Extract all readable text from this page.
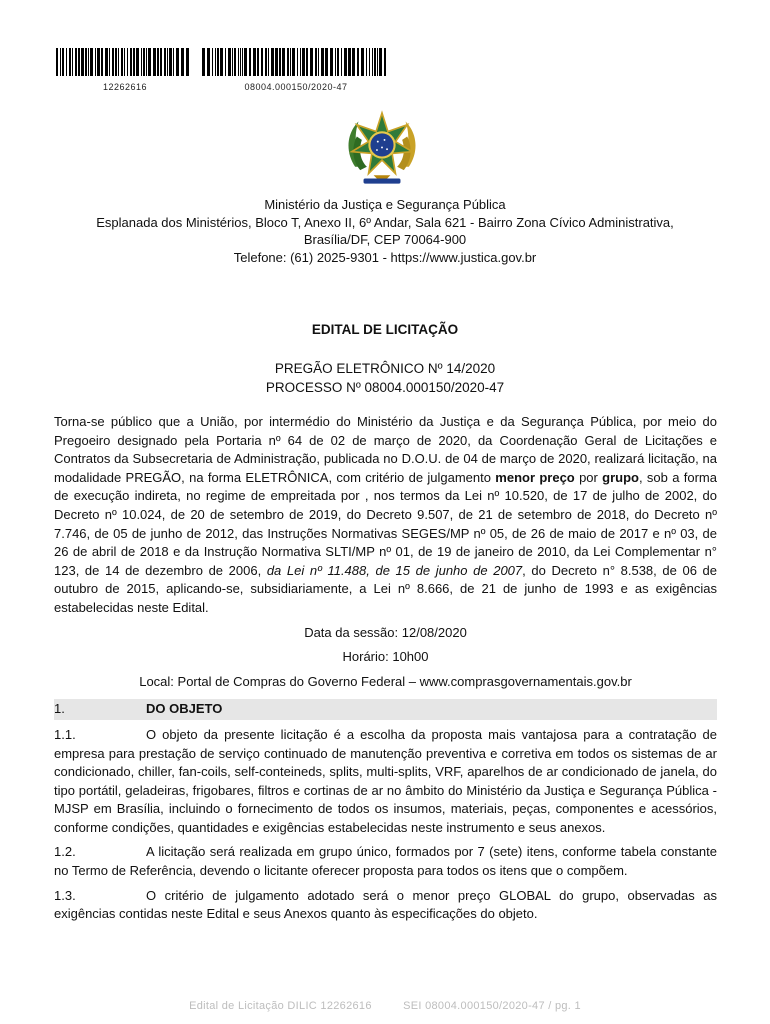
12262616	08004.000150/2020-47
Ministério da Justiça e Segurança Pública
Esplanada dos Ministérios, Bloco T, Anexo II, 6º Andar, Sala 621 - Bairro Zona Cívico Administrativa,
Brasília/DF, CEP 70064-900
Telefone: (61) 2025-9301 - https://www.justica.gov.br
EDITAL DE LICITAÇÃO
PREGÃO ELETRÔNICO Nº 14/2020
PROCESSO Nº 08004.000150/2020-47

Torna-se público que a União, por intermédio do Ministério da Justiça e da Segurança Pública, por meio do Pregoeiro designado pela Portaria nº 64 de 02 de março de 2020, da Coordenação Geral de Licitações e Contratos da Subsecretaria de Administração, publicada no D.O.U. de 04 de março de 2020, realizará licitação, na modalidade PREGÃO, na forma ELETRÔNICA, com critério de julgamento menor preço por grupo, sob a forma de execução indireta, no regime de empreitada por , nos termos da Lei nº 10.520, de 17 de julho de 2002, do Decreto nº 10.024, de 20 de setembro de 2019, do Decreto 9.507, de 21 de setembro de 2018, do Decreto nº 7.746, de 05 de junho de 2012, das Instruções Normativas SEGES/MP nº 05, de 26 de maio de 2017 e nº 03, de 26 de abril de 2018 e da Instrução Normativa SLTI/MP nº 01, de 19 de janeiro de 2010, da Lei Complementar n° 123, de 14 de dezembro de 2006, da Lei nº 11.488, de 15 de junho de 2007, do Decreto n° 8.538, de 06 de outubro de 2015, aplicando-se, subsidiariamente, a Lei nº 8.666, de 21 de junho de 1993 e as exigências estabelecidas neste Edital.

Data da sessão: 12/08/2020

Horário: 10h00

Local: Portal de Compras do Governo Federal – www.comprasgovernamentais.gov.br

1.	DO OBJETO

1.1.	O objeto da presente licitação é a escolha da proposta mais vantajosa para a contratação de empresa para prestação de serviço continuado de manutenção preventiva e corretiva em todos os sistemas de ar condicionado, chiller, fan-coils, self-conteineds, splits, multi-splits, VRF, aparelhos de ar condicionado de janela, do tipo portátil, geladeiras, frigobares, filtros e cortinas de ar no âmbito do Ministério da Justiça e Segurança Pública - MJSP em Brasília, incluindo o fornecimento de todos os insumos, materiais, peças, componentes e acessórios, conforme condições, quantidades e exigências estabelecidas neste instrumento e seus anexos.

1.2.	A licitação será realizada em grupo único, formados por 7 (sete) itens, conforme tabela constante no Termo de Referência, devendo o licitante oferecer proposta para todos os itens que o compõem.

1.3.	O critério de julgamento adotado será o menor preço GLOBAL do grupo, observadas as exigências contidas neste Edital e seus Anexos quanto às especificações do objeto.

Edital de Licitação DILIC 12262616	SEI 08004.000150/2020-47 / pg. 1
